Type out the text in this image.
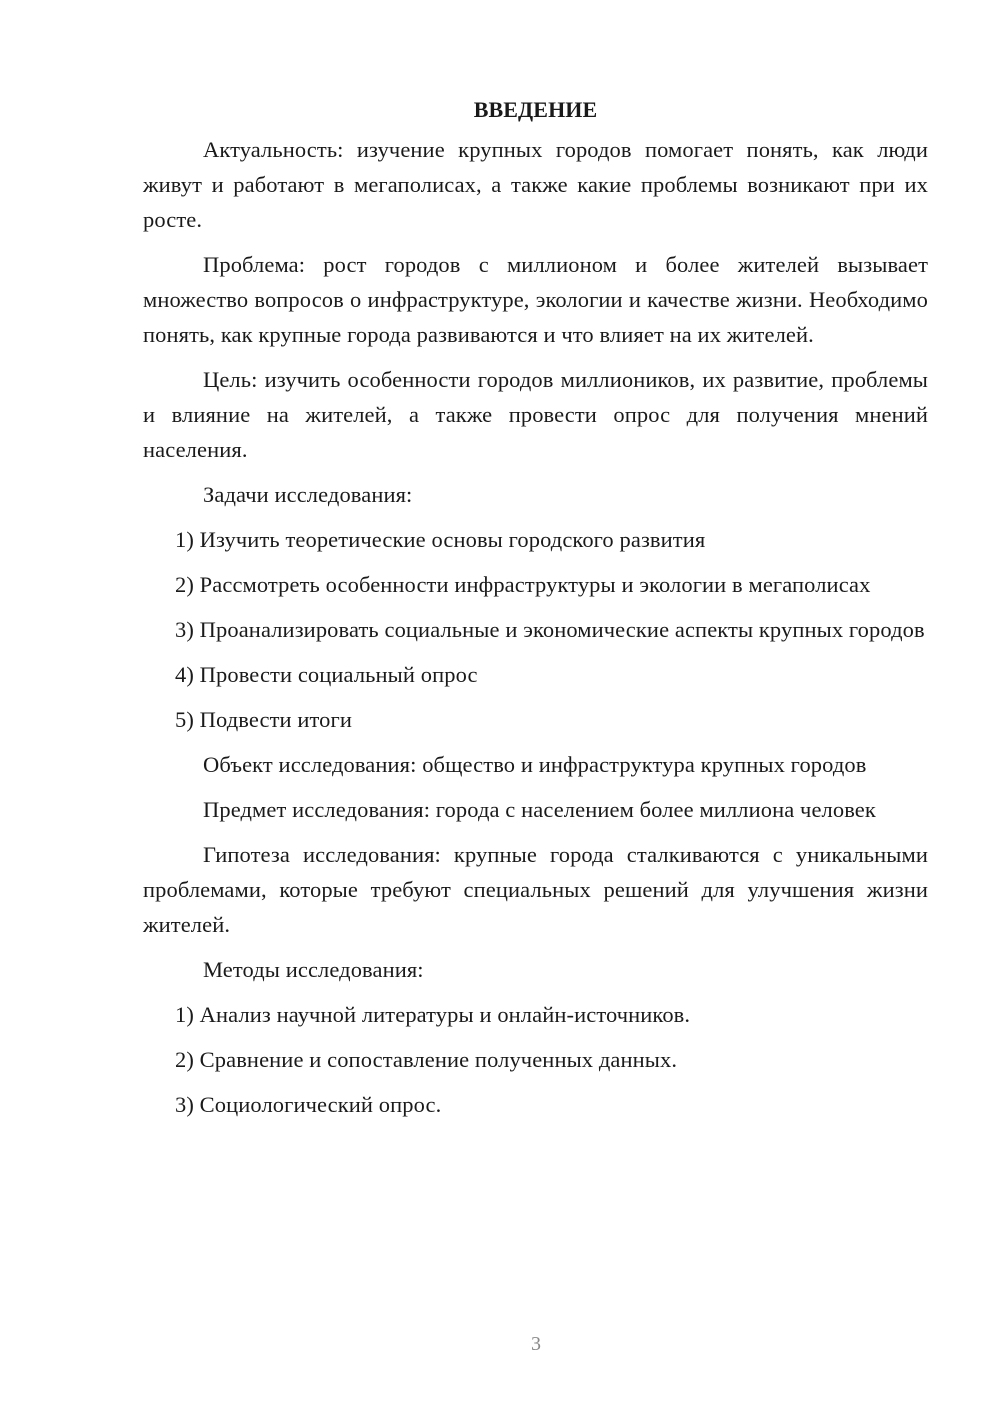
ВВЕДЕНИЕ

Актуальность: изучение крупных городов помогает понять, как люди живут и работают в мегаполисах, а также какие проблемы возникают при их росте.

Проблема: рост городов с миллионом и более жителей вызывает множество вопросов о инфраструктуре, экологии и качестве жизни. Необходимо понять, как крупные города развиваются и что влияет на их жителей.

Цель: изучить особенности городов миллиоников, их развитие, проблемы и влияние на жителей, а также провести опрос для получения мнений населения.

Задачи исследования:

1) Изучить теоретические основы городского развития

2) Рассмотреть особенности инфраструктуры и экологии в мегаполисах

3) Проанализировать социальные и экономические аспекты крупных городов

4) Провести социальный опрос

5) Подвести итоги

Объект исследования: общество и инфраструктура крупных городов

Предмет исследования: города с населением более миллиона человек

Гипотеза исследования: крупные города сталкиваются с уникальными проблемами, которые требуют специальных решений для улучшения жизни жителей.

Методы исследования:

1) Анализ научной литературы и онлайн-источников.

2) Сравнение и сопоставление полученных данных.

3) Социологический опрос.

3
